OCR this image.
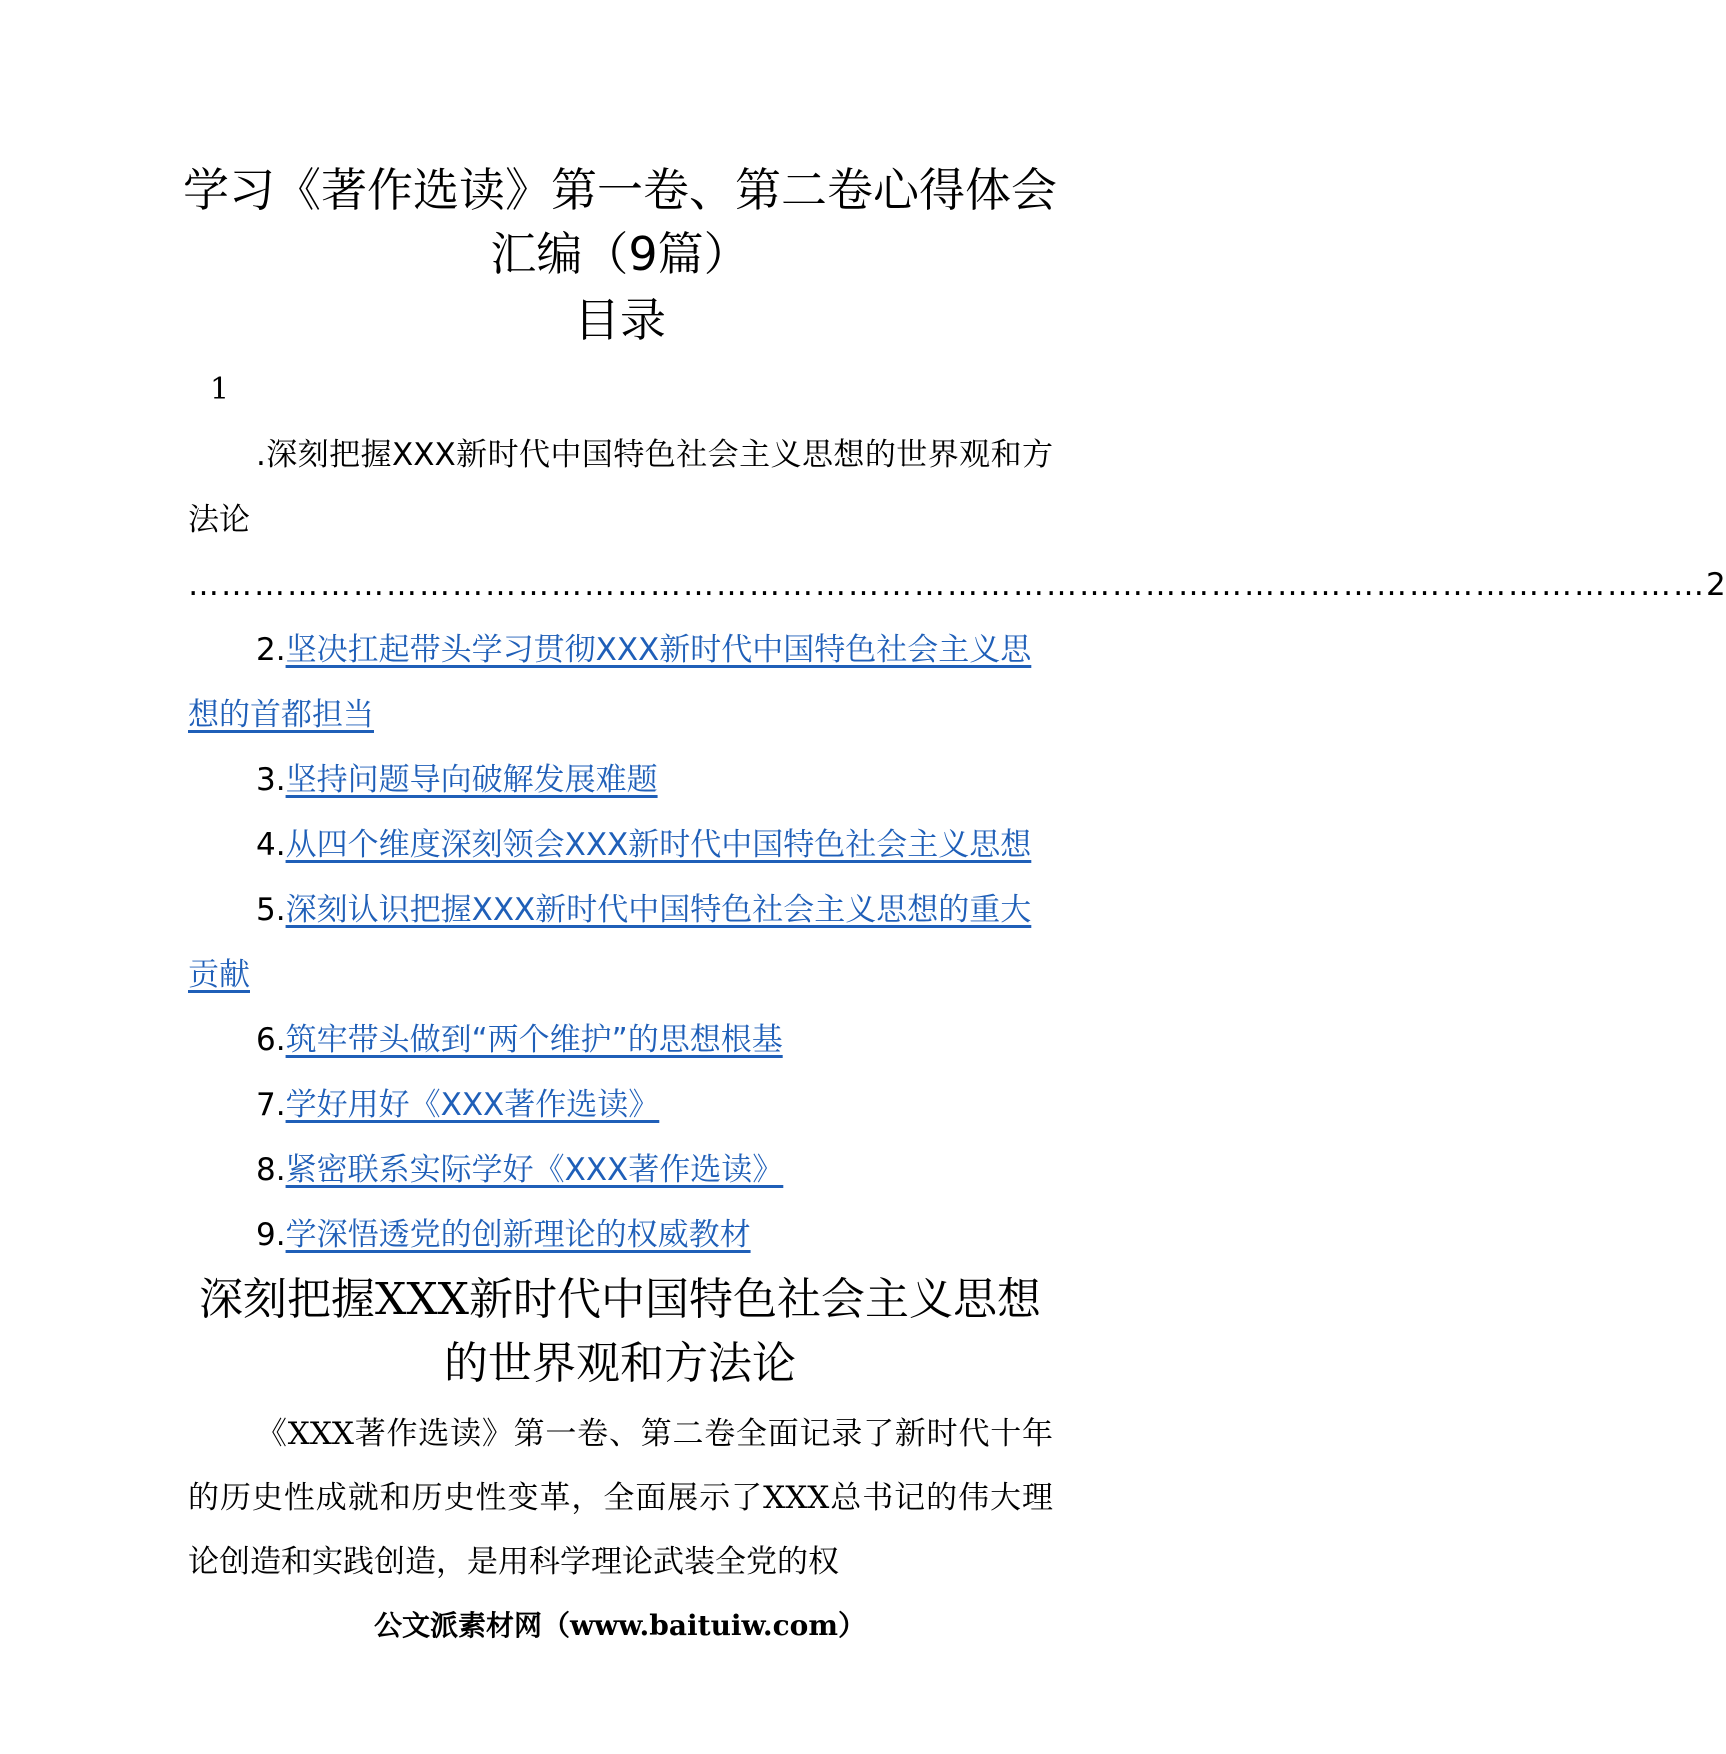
学习《著作选读》第一卷、第二卷心得体会汇编（9篇）
目录
1
.深刻把握XXX新时代中国特色社会主义思想的世界观和方法论
………………………………………………………………………………………………………………………… 2
2.坚决扛起带头学习贯彻XXX新时代中国特色社会主义思想的首都担当
3.坚持问题导向破解发展难题
4.从四个维度深刻领会XXX新时代中国特色社会主义思想
5.深刻认识把握XXX新时代中国特色社会主义思想的重大贡献
6.筑牢带头做到“两个维护”的思想根基
7.学好用好《XXX著作选读》
8.紧密联系实际学好《XXX著作选读》
9.学深悟透党的创新理论的权威教材
深刻把握XXX新时代中国特色社会主义思想的世界观和方法论

《XXX著作选读》第一卷、第二卷全面记录了新时代十年的历史性成就和历史性变革，全面展示了XXX总书记的伟大理论创造和实践创造，是用科学理论武装全党的权

公文派素材网（www.baituiw.com）
